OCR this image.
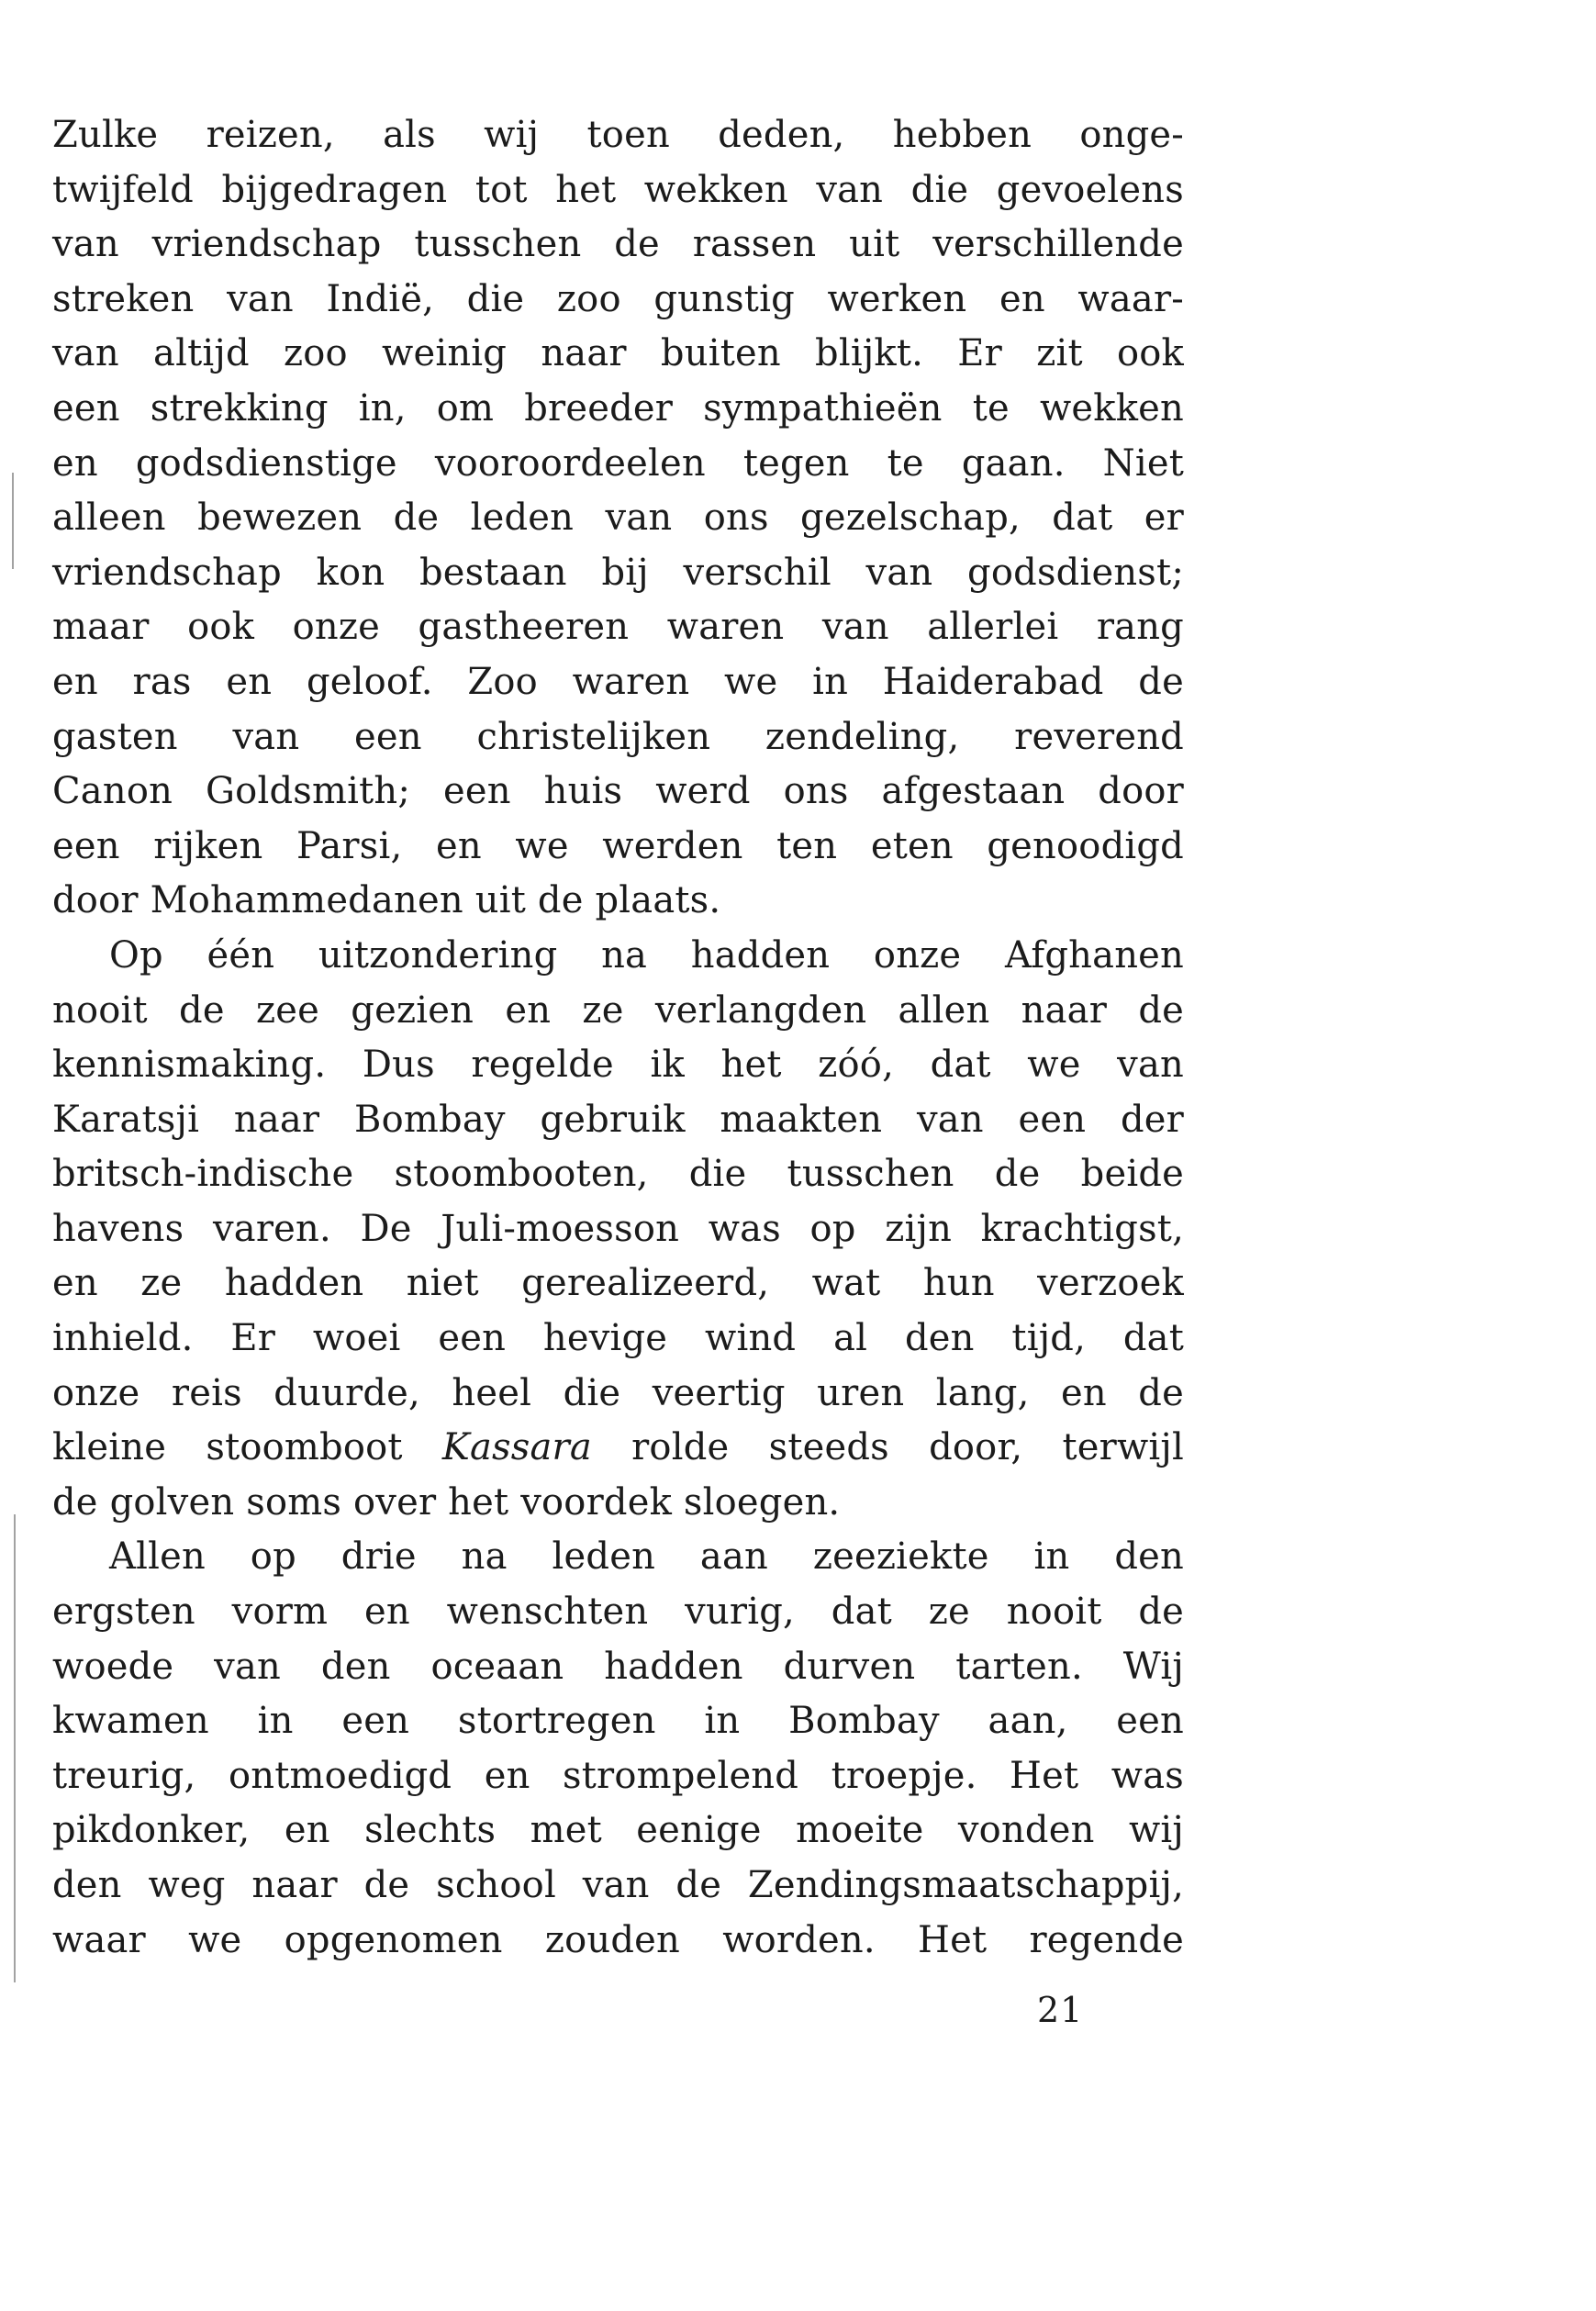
Zulke reizen, als wij toen deden, hebben onge-
twijfeld bijgedragen tot het wekken van die gevoelens
van vriendschap tusschen de rassen uit verschillende
streken van Indië, die zoo gunstig werken en waar-
van altijd zoo weinig naar buiten blijkt. Er zit ook
een strekking in, om breeder sympathieën te wekken
en godsdienstige vooroordeelen tegen te gaan. Niet
alleen bewezen de leden van ons gezelschap, dat er
vriendschap kon bestaan bij verschil van godsdienst;
maar ook onze gastheeren waren van allerlei rang
en ras en geloof. Zoo waren we in Haiderabad de
gasten van een christelijken zendeling, reverend
Canon Goldsmith; een huis werd ons afgestaan door
een rijken Parsi, en we werden ten eten genoodigd
door Mohammedanen uit de plaats.
Op één uitzondering na hadden onze Afghanen
nooit de zee gezien en ze verlangden allen naar de
kennismaking. Dus regelde ik het zóó, dat we van
Karatsji naar Bombay gebruik maakten van een der
britsch-indische stoombooten, die tusschen de beide
havens varen. De Juli-moesson was op zijn krachtigst,
en ze hadden niet gerealizeerd, wat hun verzoek
inhield. Er woei een hevige wind al den tijd, dat
onze reis duurde, heel die veertig uren lang, en de
kleine stoomboot Kassara rolde steeds door, terwijl
de golven soms over het voordek sloegen.
Allen op drie na leden aan zeeziekte in den
ergsten vorm en wenschten vurig, dat ze nooit de
woede van den oceaan hadden durven tarten. Wij
kwamen in een stortregen in Bombay aan, een
treurig, ontmoedigd en strompelend troepje. Het was
pikdonker, en slechts met eenige moeite vonden wij
den weg naar de school van de Zendingsmaatschappij,
waar we opgenomen zouden worden. Het regende
21
